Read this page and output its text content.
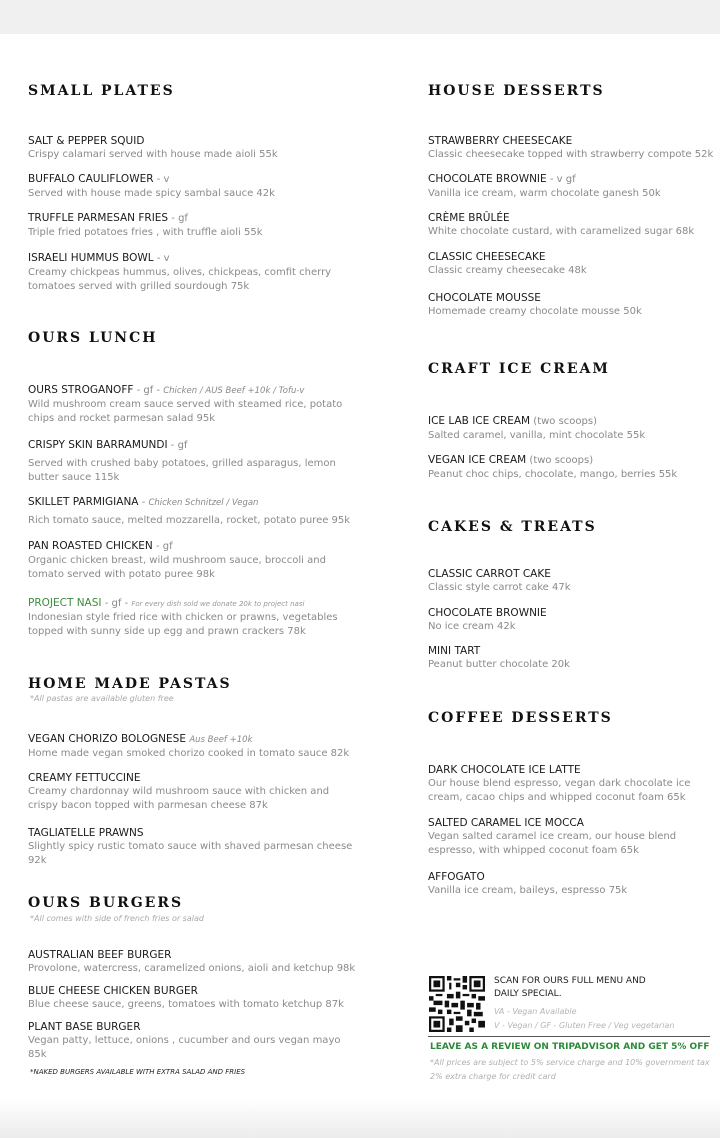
SMALL PLATES
SALT & PEPPER SQUID
Crispy calamari served with house made aioli 55k
BUFFALO CAULIFLOWER - v
Served with house made spicy sambal sauce 42k
TRUFFLE PARMESAN FRIES - gf
Triple fried potatoes fries , with truffle aioli 55k
ISRAELI HUMMUS BOWL - v
Creamy chickpeas hummus, olives, chickpeas, comfit cherry tomatoes served with grilled sourdough 75k
OURS LUNCH
OURS STROGANOFF - gf - Chicken / AUS Beef +10k / Tofu-v
Wild mushroom cream sauce served with steamed rice, potato chips and rocket parmesan salad 95k
CRISPY SKIN BARRAMUNDI - gf
Served with crushed baby potatoes, grilled asparagus, lemon butter sauce 115k
SKILLET PARMIGIANA - Chicken Schnitzel / Vegan
Rich tomato sauce, melted mozzarella, rocket, potato puree 95k
PAN ROASTED CHICKEN - gf
Organic chicken breast, wild mushroom sauce, broccoli and tomato served with potato puree 98k
PROJECT NASI - gf - For every dish sold we donate 20k to project nasi
Indonesian style fried rice with chicken or prawns, vegetables topped with sunny side up egg and prawn crackers 78k
HOME MADE PASTAS
*All pastas are available gluten free
VEGAN CHORIZO BOLOGNESE Aus Beef +10k
Home made vegan smoked chorizo cooked in tomato sauce 82k
CREAMY FETTUCCINE
Creamy chardonnay wild mushroom sauce with chicken and crispy bacon topped with parmesan cheese 87k
TAGLIATELLE PRAWNS
Slightly spicy rustic tomato sauce with shaved parmesan cheese 92k
OURS BURGERS
*All comes with side of french fries or salad
AUSTRALIAN BEEF BURGER
Provolone, watercress, caramelized onions, aioli and ketchup 98k
BLUE CHEESE CHICKEN BURGER
Blue cheese sauce, greens, tomatoes with tomato ketchup 87k
PLANT BASE BURGER
Vegan patty, lettuce, onions , cucumber and ours vegan mayo 85k
*NAKED BURGERS AVAILABLE WITH EXTRA SALAD AND FRIES
HOUSE DESSERTS
STRAWBERRY CHEESECAKE
Classic cheesecake topped with strawberry compote 52k
CHOCOLATE BROWNIE - v gf
Vanilla ice cream, warm chocolate ganesh 50k
CRÈME BRÛLÉE
White chocolate custard, with caramelized sugar 68k
CLASSIC CHEESECAKE
Classic creamy cheesecake 48k
CHOCOLATE MOUSSE
Homemade creamy chocolate mousse 50k
CRAFT ICE CREAM
ICE LAB ICE CREAM (two scoops)
Salted caramel, vanilla, mint chocolate 55k
VEGAN ICE CREAM (two scoops)
Peanut choc chips, chocolate, mango, berries 55k
CAKES & TREATS
CLASSIC CARROT CAKE
Classic style carrot cake 47k
CHOCOLATE BROWNIE
No ice cream 42k
MINI TART
Peanut butter chocolate 20k
COFFEE DESSERTS
DARK CHOCOLATE ICE LATTE
Our house blend espresso, vegan dark chocolate ice cream, cacao chips and whipped coconut foam 65k
SALTED CARAMEL ICE MOCCA
Vegan salted caramel ice cream, our house blend espresso, with whipped coconut foam 65k
AFFOGATO
Vanilla ice cream, baileys, espresso 75k
SCAN FOR OURS FULL MENU AND
DAILY SPECIAL.
VA - Vegan Available
V - Vegan / GF - Gluten Free / Veg vegetarian
LEAVE AS A REVIEW ON TRIPADVISOR AND GET 5% OFF
*All prices are subject to 5% service charge and 10% government tax
2% extra charge for credit card
